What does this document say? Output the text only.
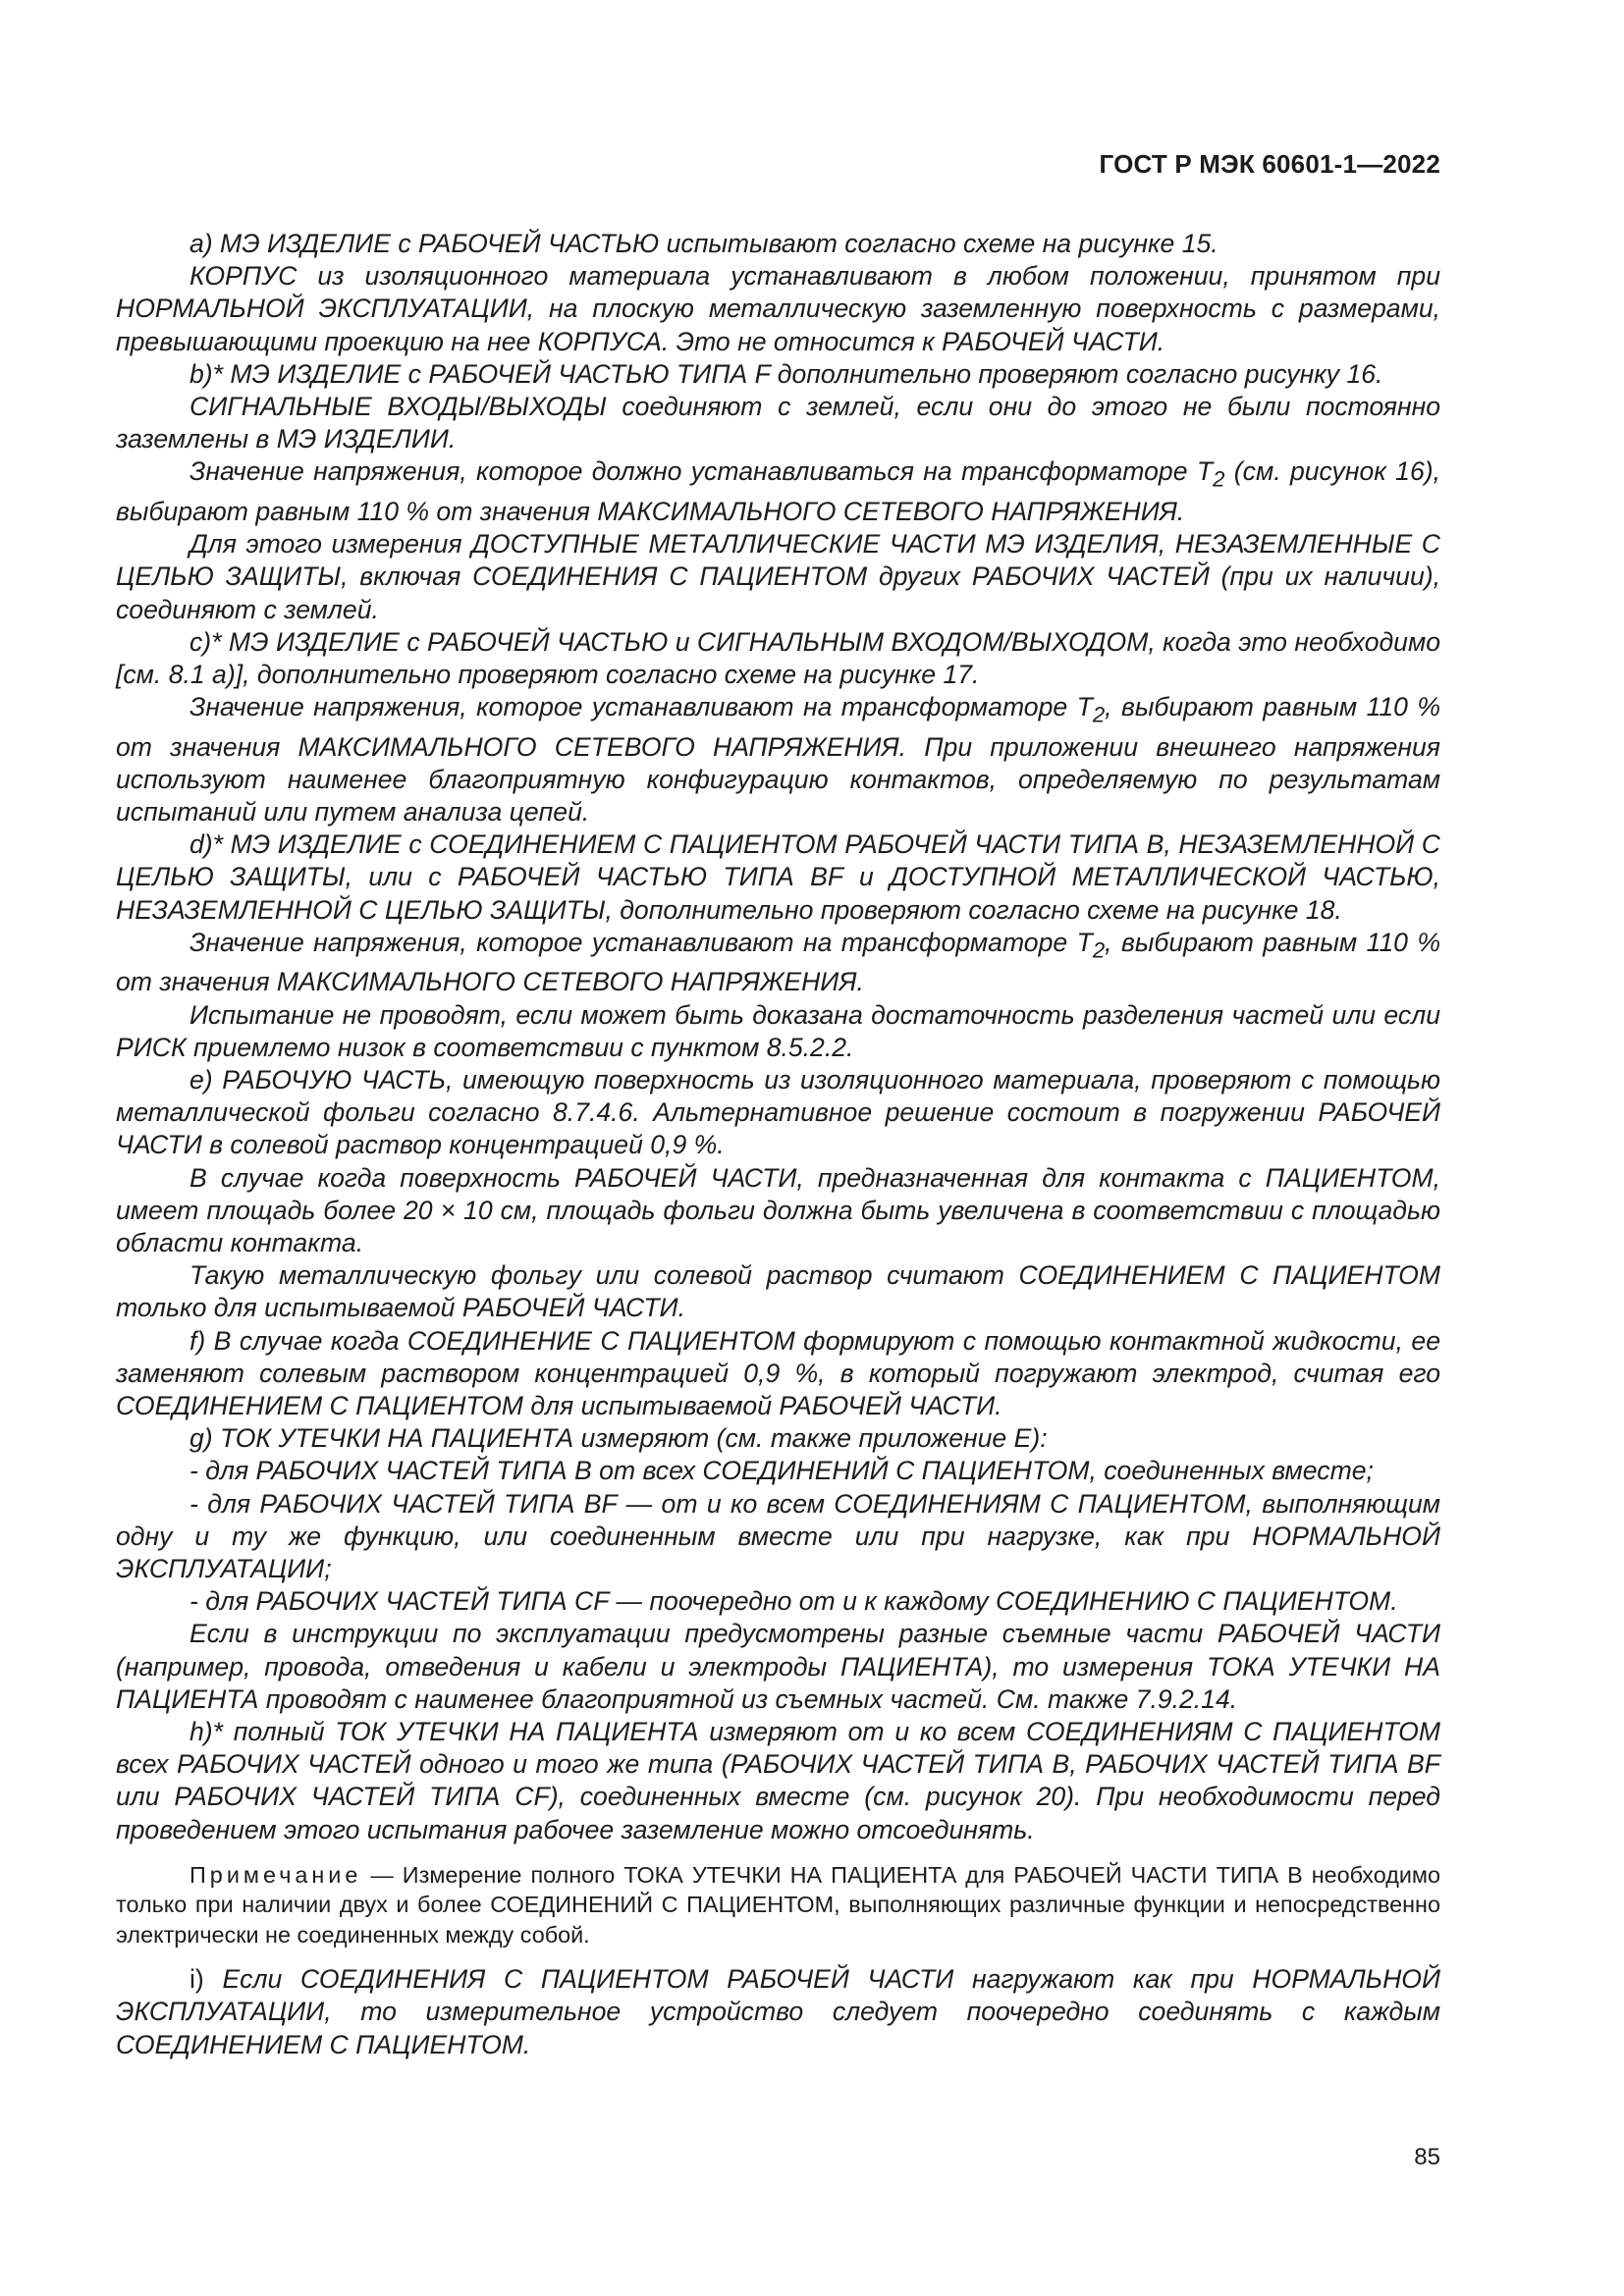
ГОСТ Р МЭК 60601-1—2022

а) МЭ ИЗДЕЛИЕ с РАБОЧЕЙ ЧАСТЬЮ испытывают согласно схеме на рисунке 15.

КОРПУС из изоляционного материала устанавливают в любом положении, принятом при НОРМАЛЬНОЙ ЭКСПЛУАТАЦИИ, на плоскую металлическую заземленную поверхность с размерами, превышающими проекцию на нее КОРПУСА. Это не относится к РАБОЧЕЙ ЧАСТИ.

b)* МЭ ИЗДЕЛИЕ с РАБОЧЕЙ ЧАСТЬЮ ТИПА F дополнительно проверяют согласно рисунку 16.

СИГНАЛЬНЫЕ ВХОДЫ/ВЫХОДЫ соединяют с землей, если они до этого не были постоянно заземлены в МЭ ИЗДЕЛИИ.

Значение напряжения, которое должно устанавливаться на трансформаторе $T_2$ (см. рисунок 16), выбирают равным 110 % от значения МАКСИМАЛЬНОГО СЕТЕВОГО НАПРЯЖЕНИЯ.

Для этого измерения ДОСТУПНЫЕ МЕТАЛЛИЧЕСКИЕ ЧАСТИ МЭ ИЗДЕЛИЯ, НЕЗАЗЕМЛЕННЫЕ С ЦЕЛЬЮ ЗАЩИТЫ, включая СОЕДИНЕНИЯ С ПАЦИЕНТОМ других РАБОЧИХ ЧАСТЕЙ (при их наличии), соединяют с землей.

с)* МЭ ИЗДЕЛИЕ с РАБОЧЕЙ ЧАСТЬЮ и СИГНАЛЬНЫМ ВХОДОМ/ВЫХОДОМ, когда это необходимо [см. 8.1 а)], дополнительно проверяют согласно схеме на рисунке 17.

Значение напряжения, которое устанавливают на трансформаторе $T_2$, выбирают равным 110 % от значения МАКСИМАЛЬНОГО СЕТЕВОГО НАПРЯЖЕНИЯ. При приложении внешнего напряжения используют наименее благоприятную конфигурацию контактов, определяемую по результатам испытаний или путем анализа цепей.

d)* МЭ ИЗДЕЛИЕ с СОЕДИНЕНИЕМ С ПАЦИЕНТОМ РАБОЧЕЙ ЧАСТИ ТИПА В, НЕЗАЗЕМЛЕННОЙ С ЦЕЛЬЮ ЗАЩИТЫ, или с РАБОЧЕЙ ЧАСТЬЮ ТИПА BF и ДОСТУПНОЙ МЕТАЛЛИЧЕСКОЙ ЧАСТЬЮ, НЕЗАЗЕМЛЕННОЙ С ЦЕЛЬЮ ЗАЩИТЫ, дополнительно проверяют согласно схеме на рисунке 18.

Значение напряжения, которое устанавливают на трансформаторе $T_2$, выбирают равным 110 % от значения МАКСИМАЛЬНОГО СЕТЕВОГО НАПРЯЖЕНИЯ.

Испытание не проводят, если может быть доказана достаточность разделения частей или если РИСК приемлемо низок в соответствии с пунктом 8.5.2.2.

е) РАБОЧУЮ ЧАСТЬ, имеющую поверхность из изоляционного материала, проверяют с помощью металлической фольги согласно 8.7.4.6. Альтернативное решение состоит в погружении РАБОЧЕЙ ЧАСТИ в солевой раствор концентрацией 0,9 %.

В случае когда поверхность РАБОЧЕЙ ЧАСТИ, предназначенная для контакта с ПАЦИЕНТОМ, имеет площадь более 20 × 10 см, площадь фольги должна быть увеличена в соответствии с площадью области контакта.

Такую металлическую фольгу или солевой раствор считают СОЕДИНЕНИЕМ С ПАЦИЕНТОМ только для испытываемой РАБОЧЕЙ ЧАСТИ.

f) В случае когда СОЕДИНЕНИЕ С ПАЦИЕНТОМ формируют с помощью контактной жидкости, ее заменяют солевым раствором концентрацией 0,9 %, в который погружают электрод, считая его СОЕДИНЕНИЕМ С ПАЦИЕНТОМ для испытываемой РАБОЧЕЙ ЧАСТИ.

g) ТОК УТЕЧКИ НА ПАЦИЕНТА измеряют (см. также приложение Е):

- для РАБОЧИХ ЧАСТЕЙ ТИПА В от всех СОЕДИНЕНИЙ С ПАЦИЕНТОМ, соединенных вместе;

- для РАБОЧИХ ЧАСТЕЙ ТИПА BF — от и ко всем СОЕДИНЕНИЯМ С ПАЦИЕНТОМ, выполняющим одну и ту же функцию, или соединенным вместе или при нагрузке, как при НОРМАЛЬНОЙ ЭКСПЛУАТАЦИИ;

- для РАБОЧИХ ЧАСТЕЙ ТИПА CF — поочередно от и к каждому СОЕДИНЕНИЮ С ПАЦИЕНТОМ.

Если в инструкции по эксплуатации предусмотрены разные съемные части РАБОЧЕЙ ЧАСТИ (например, провода, отведения и кабели и электроды ПАЦИЕНТА), то измерения ТОКА УТЕЧКИ НА ПАЦИЕНТА проводят с наименее благоприятной из съемных частей. См. также 7.9.2.14.

h)* полный ТОК УТЕЧКИ НА ПАЦИЕНТА измеряют от и ко всем СОЕДИНЕНИЯМ С ПАЦИЕНТОМ всех РАБОЧИХ ЧАСТЕЙ одного и того же типа (РАБОЧИХ ЧАСТЕЙ ТИПА В, РАБОЧИХ ЧАСТЕЙ ТИПА BF или РАБОЧИХ ЧАСТЕЙ ТИПА CF), соединенных вместе (см. рисунок 20). При необходимости перед проведением этого испытания рабочее заземление можно отсоединять.

Примечание — Измерение полного ТОКА УТЕЧКИ НА ПАЦИЕНТА для РАБОЧЕЙ ЧАСТИ ТИПА В необходимо только при наличии двух и более СОЕДИНЕНИЙ С ПАЦИЕНТОМ, выполняющих различные функции и непосредственно электрически не соединенных между собой.

i) Если СОЕДИНЕНИЯ С ПАЦИЕНТОМ РАБОЧЕЙ ЧАСТИ нагружают как при НОРМАЛЬНОЙ ЭКСПЛУАТАЦИИ, то измерительное устройство следует поочередно соединять с каждым СОЕДИНЕНИЕМ С ПАЦИЕНТОМ.

85
